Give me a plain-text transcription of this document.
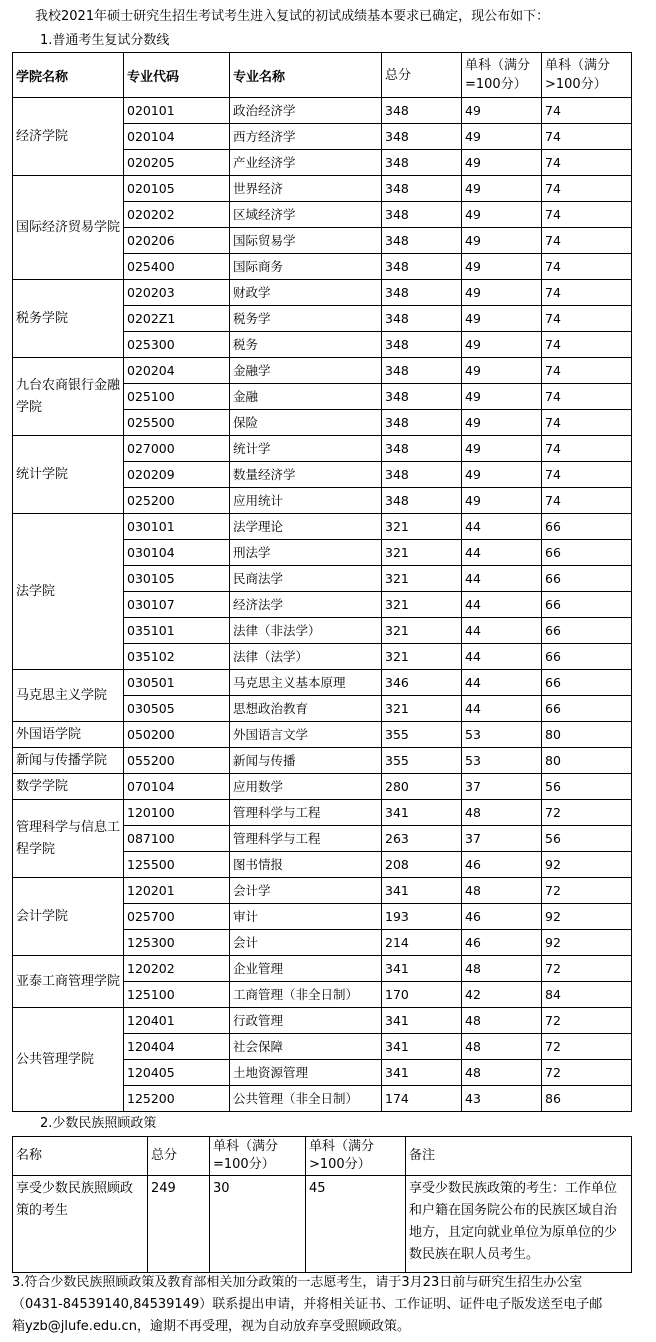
我校2021年硕士研究生招生考试考生进入复试的初试成绩基本要求已确定，现公布如下：
1.普通考生复试分数线
学院名称	专业代码	专业名称	总分	单科（满分=100分）	单科（满分>100分）
经济学院	020101	政治经济学	348	49	74
	020104	西方经济学	348	49	74
	020205	产业经济学	348	49	74
国际经济贸易学院	020105	世界经济	348	49	74
	020202	区域经济学	348	49	74
	020206	国际贸易学	348	49	74
	025400	国际商务	348	49	74
税务学院	020203	财政学	348	49	74
	0202Z1	税务学	348	49	74
	025300	税务	348	49	74
九台农商银行金融学院	020204	金融学	348	49	74
	025100	金融	348	49	74
	025500	保险	348	49	74
统计学院	027000	统计学	348	49	74
	020209	数量经济学	348	49	74
	025200	应用统计	348	49	74
法学院	030101	法学理论	321	44	66
	030104	刑法学	321	44	66
	030105	民商法学	321	44	66
	030107	经济法学	321	44	66
	035101	法律（非法学）	321	44	66
	035102	法律（法学）	321	44	66
马克思主义学院	030501	马克思主义基本原理	346	44	66
	030505	思想政治教育	321	44	66
外国语学院	050200	外国语言文学	355	53	80
新闻与传播学院	055200	新闻与传播	355	53	80
数学学院	070104	应用数学	280	37	56
管理科学与信息工程学院	120100	管理科学与工程	341	48	72
	087100	管理科学与工程	263	37	56
	125500	图书情报	208	46	92
会计学院	120201	会计学	341	48	72
	025700	审计	193	46	92
	125300	会计	214	46	92
亚泰工商管理学院	120202	企业管理	341	48	72
	125100	工商管理（非全日制）	170	42	84
公共管理学院	120401	行政管理	341	48	72
	120404	社会保障	341	48	72
	120405	土地资源管理	341	48	72
	125200	公共管理（非全日制）	174	43	86
2.少数民族照顾政策
名称	总分	单科（满分=100分）	单科（满分>100分）	备注
享受少数民族照顾政策的考生	249	30	45	享受少数民族政策的考生：工作单位和户籍在国务院公布的民族区域自治地方，且定向就业单位为原单位的少数民族在职人员考生。
3.符合少数民族照顾政策及教育部相关加分政策的一志愿考生，请于3月23日前与研究生招生办公室
（0431-84539140,84539149）联系提出申请，并将相关证书、工作证明、证件电子版发送至电子邮
箱yzb@jlufe.edu.cn，逾期不再受理，视为自动放弃享受照顾政策。
